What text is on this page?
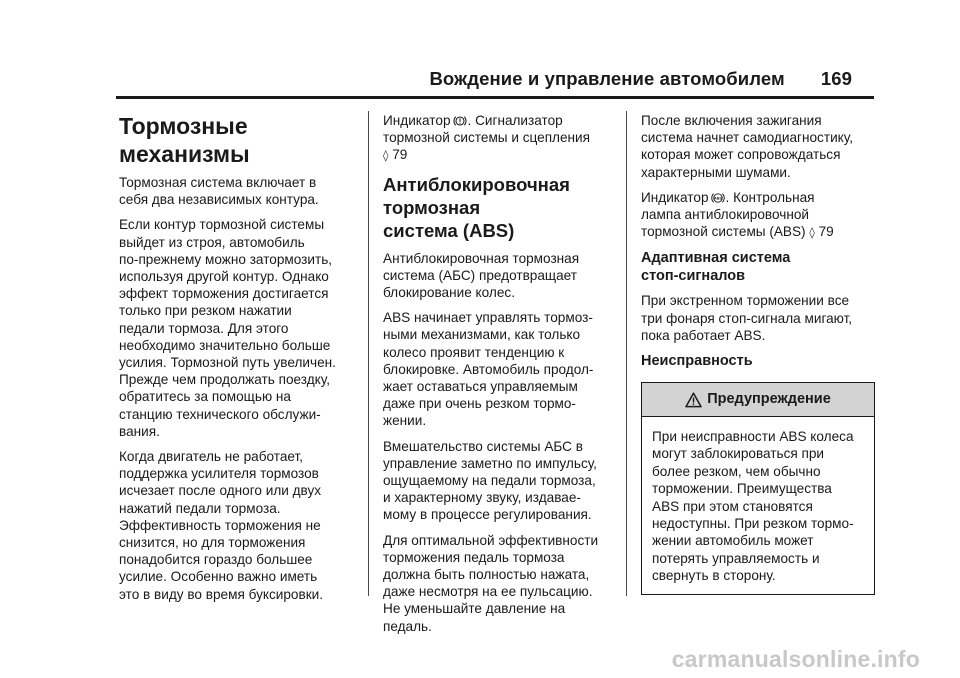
Вождение и управление автомобилем 169
Тормозные
механизмы

Тормозная система включает в
себя два независимых контура.

Если контур тормозной системы
выйдет из строя, автомобиль
по-прежнему можно затормозить,
используя другой контур. Однако
эффект торможения достигается
только при резком нажатии
педали тормоза. Для этого
необходимо значительно больше
усилия. Тормозной путь увеличен.
Прежде чем продолжать поездку,
обратитесь за помощью на
станцию технического обслужи-
вания.

Когда двигатель не работает,
поддержка усилителя тормозов
исчезает после одного или двух
нажатий педали тормоза.
Эффективность торможения не
снизится, но для торможения
понадобится гораздо большее
усилие. Особенно важно иметь
это в виду во время буксировки.

Индикатор . Сигнализатор
тормозной системы и сцепления
◊ 79

Антиблокировочная
тормозная
система (ABS)

Антиблокировочная тормозная
система (АБС) предотвращает
блокирование колес.

ABS начинает управлять тормоз-
ными механизмами, как только
колесо проявит тенденцию к
блокировке. Автомобиль продол-
жает оставаться управляемым
даже при очень резком тормо-
жении.

Вмешательство системы АБС в
управление заметно по импульсу,
ощущаемому на педали тормоза,
и характерному звуку, издавае-
мому в процессе регулирования.

Для оптимальной эффективности
торможения педаль тормоза
должна быть полностью нажата,
даже несмотря на ее пульсацию.
Не уменьшайте давление на
педаль.

После включения зажигания
система начнет самодиагностику,
которая может сопровождаться
характерными шумами.

Индикатор ABS . Контрольная
лампа антиблокировочной
тормозной системы (ABS) ◊ 79

Адаптивная система
стоп-сигналов

При экстренном торможении все
три фонаря стоп-сигнала мигают,
пока работает ABS.

Неисправность
Предупреждение
При неисправности ABS колеса
могут заблокироваться при
более резком, чем обычно
торможении. Преимущества
ABS при этом становятся
недоступны. При резком тормо-
жении автомобиль может
потерять управляемость и
свернуть в сторону.
carmanualsonline.info
